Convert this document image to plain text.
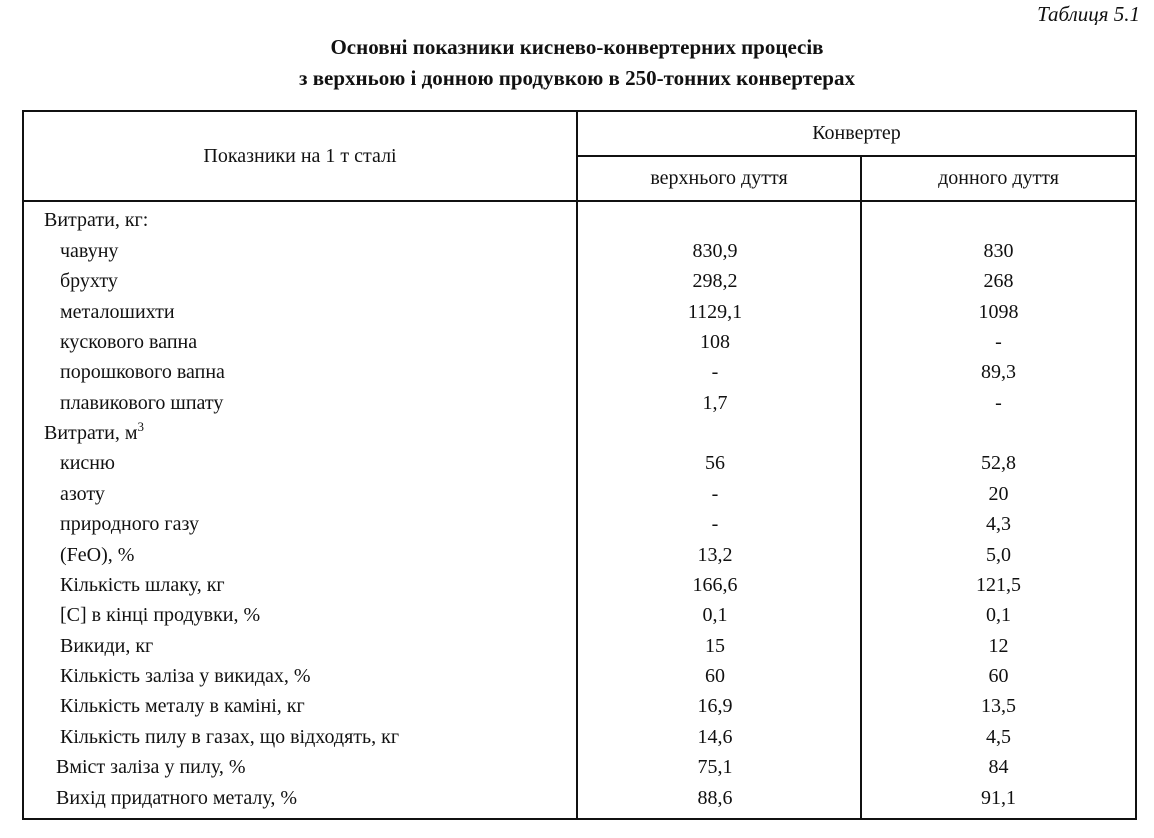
Таблиця 5.1
Основні показники киснево-конвертерних процесів
з верхньою і донною продувкою в 250-тонних конвертерах
Показники на 1 т сталі	Конвертер	
	верхнього дуття	донного дуття
Витрати, кг:		
чавуну	830,9	830
брухту	298,2	268
металошихти	1129,1	1098
кускового вапна	108	-
порошкового вапна	-	89,3
плавикового шпату	1,7	-
Витрати, $м^3$		
кисню	56	52,8
азоту	-	20
природного газу	-	4,3
(FeO), %	13,2	5,0
Кількість шлаку, кг	166,6	121,5
[C] в кінці продувки, %	0,1	0,1
Викиди, кг	15	12
Кількість заліза у викидах, %	60	60
Кількість металу в каміні, кг	16,9	13,5
Кількість пилу в газах, що відходять, кг	14,6	4,5
Вміст заліза у пилу, %	75,1	84
Вихід придатного металу, %	88,6	91,1
